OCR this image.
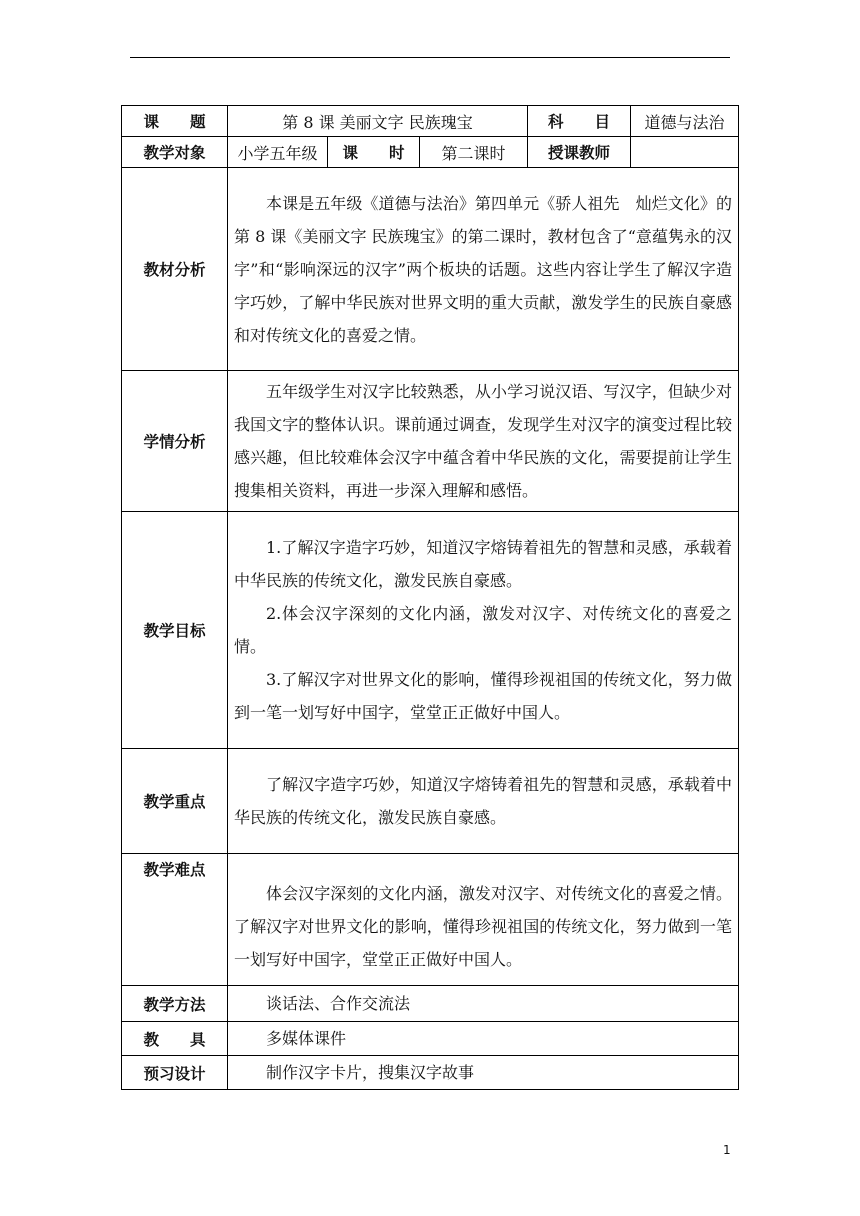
课　　题	第 8 课 美丽文字 民族瑰宝			科　　目	道德与法治
教学对象	小学五年级	课　　时	第二课时	授课教师	
教材分析	本课是五年级《道德与法治》第四单元《骄人祖先　灿烂文化》的第 8 课《美丽文字 民族瑰宝》的第二课时，教材包含了“意蕴隽永的汉字”和“影响深远的汉字”两个板块的话题。这些内容让学生了解汉字造字巧妙，了解中华民族对世界文明的重大贡献，激发学生的民族自豪感和对传统文化的喜爱之情。				

学情分析	五年级学生对汉字比较熟悉，从小学习说汉语、写汉字，但缺少对我国文字的整体认识。课前通过调查，发现学生对汉字的演变过程比较感兴趣，但比较难体会汉字中蕴含着中华民族的文化，需要提前让学生搜集相关资料，再进一步深入理解和感悟。				

教学目标	1.了解汉字造字巧妙，知道汉字熔铸着祖先的智慧和灵感，承载着中华民族的传统文化，激发民族自豪感。

2.体会汉字深刻的文化内涵，激发对汉字、对传统文化的喜爱之情。

3.了解汉字对世界文化的影响，懂得珍视祖国的传统文化，努力做到一笔一划写好中国字，堂堂正正做好中国人。				

教学重点	了解汉字造字巧妙，知道汉字熔铸着祖先的智慧和灵感，承载着中华民族的传统文化，激发民族自豪感。				

教学难点	体会汉字深刻的文化内涵，激发对汉字、对传统文化的喜爱之情。了解汉字对世界文化的影响，懂得珍视祖国的传统文化，努力做到一笔一划写好中国字，堂堂正正做好中国人。				

教学方法	谈话法、合作交流法				

教　　具	多媒体课件				

预习设计	制作汉字卡片，搜集汉字故事				

1
